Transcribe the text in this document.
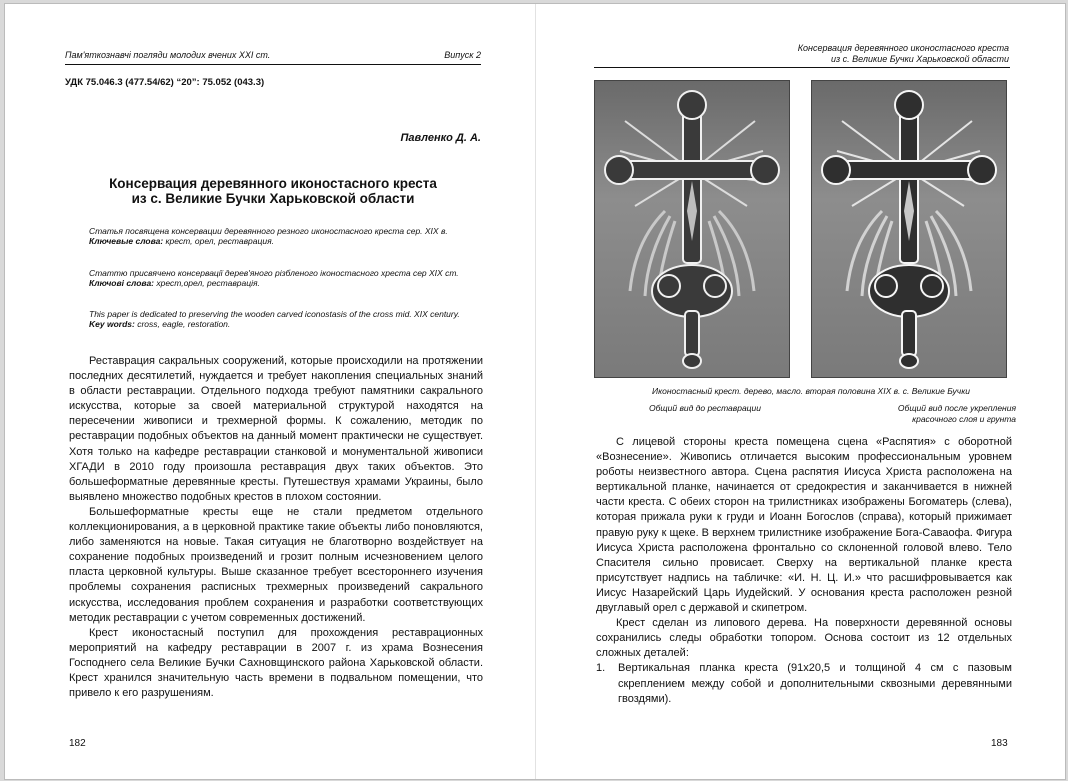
Пам'яткознавчі погляди молодих вчених XXI ст.	Випуск 2
УДК 75.046.3 (477.54/62) “20”: 75.052 (043.3)
Павленко Д. А.
Консервация деревянного иконостасного креста
из с. Великие Бучки Харьковской области
Статья посвящена консервации деревянного резного иконостасного креста сер. XIX в.
Ключевые слова: крест, орел, реставрация.
Статтю присвячено консервації дерев'яного різбленого іконостасного хреста сер XIX ст.
Ключові слова: хрест,орел, реставрація.
This paper is dedicated to preserving the wooden carved iconostasis of the cross mid. XIX century.
Key words: cross, eagle, restoration.

Реставрация сакральных сооружений, которые происходили на протяжении последних десятилетий, нуждается и требует накопления специальных знаний в области реставрации. Отдельного подхода требуют памятники сакрального искусства, которые за своей материальной структурой находятся на пересечении живописи и трехмерной формы. К сожалению, методик по реставрации подобных объектов на данный момент практически не существует. Хотя только на кафедре реставрации станковой и монументальной живописи ХГАДИ в 2010 году произошла реставрация двух таких объектов. Это большеформатные деревянные кресты. Путешествуя храмами Украины, было выявлено множество подобных крестов в плохом состоянии.

Большеформатные кресты еще не стали предметом отдельного коллекционирования, а в церковной практике такие объекты либо поновляются, либо заменяются на новые. Такая ситуация не благотворно воздействует на сохранение подобных произведений и грозит полным исчезновением целого пласта церковной культуры. Выше сказанное требует всестороннего изучения проблемы сохранения расписных трехмерных произведений сакрального искусства, исследования проблем сохранения и разработки соответствующих методик реставрации с учетом современных достижений.

Крест иконостасный поступил для прохождения реставрационных мероприятий на кафедру реставрации в 2007 г. из храма Вознесения Господнего села Великие Бучки Сахновщинского района Харьковской области. Крест хранился значительную часть времени в подвальном помещении, что привело к его разрушениям.

182
Консервация деревянного иконостасного креста
из с. Великие Бучки Харьковской области
Иконостасный крест. дерево, масло. вторая половина XIX в. с. Великие Бучки
Общий вид до реставрации	Общий вид после укрепления
красочного слоя и грунта

С лицевой стороны креста помещена сцена «Распятия» с оборотной «Вознесение». Живопись отличается высоким профессиональным уровнем роботы неизвестного автора. Сцена распятия Иисуса Христа расположена на вертикальной планке, начинается от средокрестия и заканчивается в нижней части креста. С обеих сторон на трилистниках изображены Богоматерь (слева), которая прижала руки к груди и Иоанн Богослов (справа), который прижимает правую руку к щеке. В верхнем трилистнике изображение Бога-Саваофа. Фигура Иисуса Христа расположена фронтально со склоненной головой влево. Тело Спасителя сильно провисает. Сверху на вертикальной планке креста присутствует надпись на табличке: «И. Н. Ц. И.» что расшифровывается как Иисус Назарейский Царь Иудейский. У основания креста расположен резной двуглавый орел с державой и скипетром.

Крест сделан из липового дерева. На поверхности деревянной основы сохранились следы обработки топором. Основа состоит из 12 отдельных сложных деталей:

1. Вертикальная планка креста (91х20,5 и толщиной 4 см с пазовым скреплением между собой и дополнительными сквозными деревянными гвоздями).
183
